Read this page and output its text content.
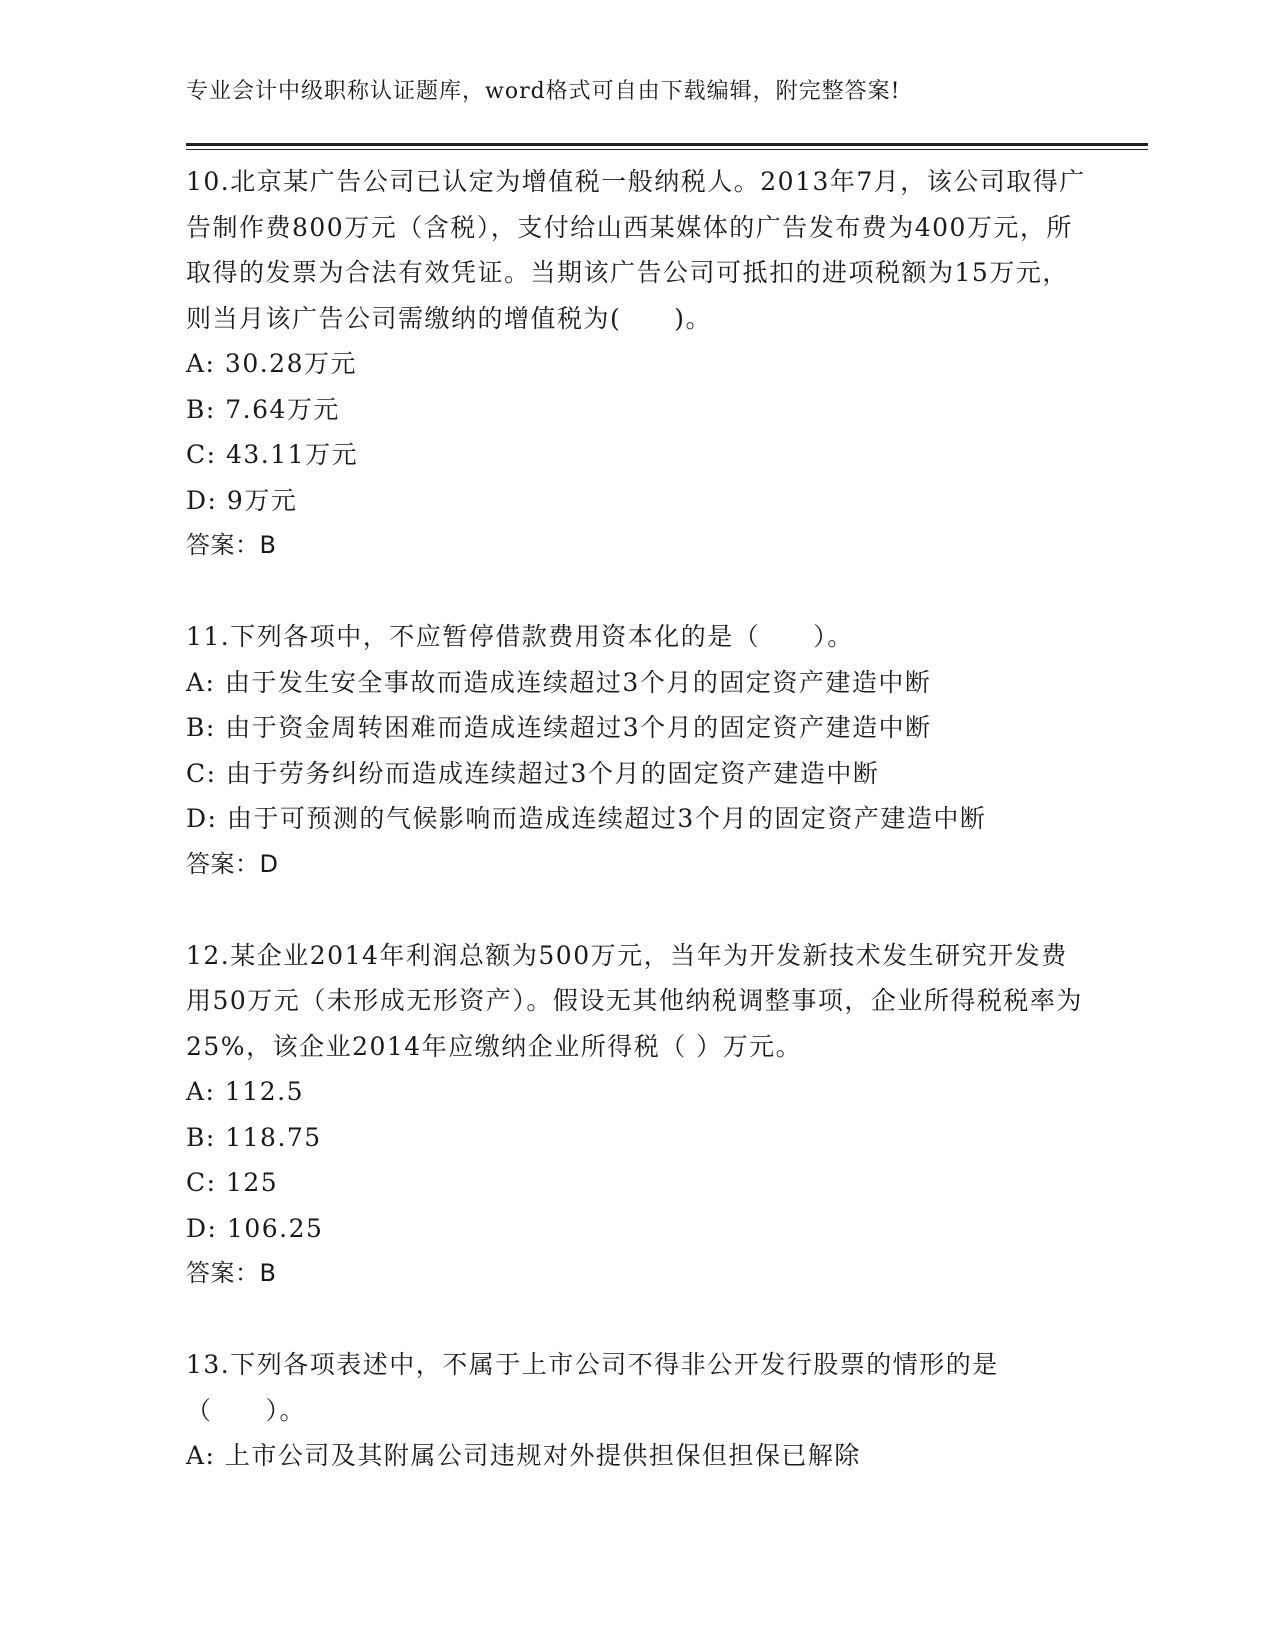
专业会计中级职称认证题库，word格式可自由下载编辑，附完整答案!

10.北京某广告公司已认定为增值税一般纳税人。2013年7月，该公司取得广告制作费800万元（含税），支付给山西某媒体的广告发布费为400万元，所取得的发票为合法有效凭证。当期该广告公司可抵扣的进项税额为15万元，则当月该广告公司需缴纳的增值税为(　　)。

A: 30.28万元

B: 7.64万元

C: 43.11万元

D: 9万元

答案：B

11.下列各项中，不应暂停借款费用资本化的是（　　）。

A: 由于发生安全事故而造成连续超过3个月的固定资产建造中断

B: 由于资金周转困难而造成连续超过3个月的固定资产建造中断

C: 由于劳务纠纷而造成连续超过3个月的固定资产建造中断

D: 由于可预测的气候影响而造成连续超过3个月的固定资产建造中断

答案：D

12.某企业2014年利润总额为500万元，当年为开发新技术发生研究开发费用50万元（未形成无形资产）。假设无其他纳税调整事项，企业所得税税率为25%，该企业2014年应缴纳企业所得税（ ）万元。

A: 112.5

B: 118.75

C: 125

D: 106.25

答案：B

13.下列各项表述中，不属于上市公司不得非公开发行股票的情形的是（　　）。

A: 上市公司及其附属公司违规对外提供担保但担保已解除
